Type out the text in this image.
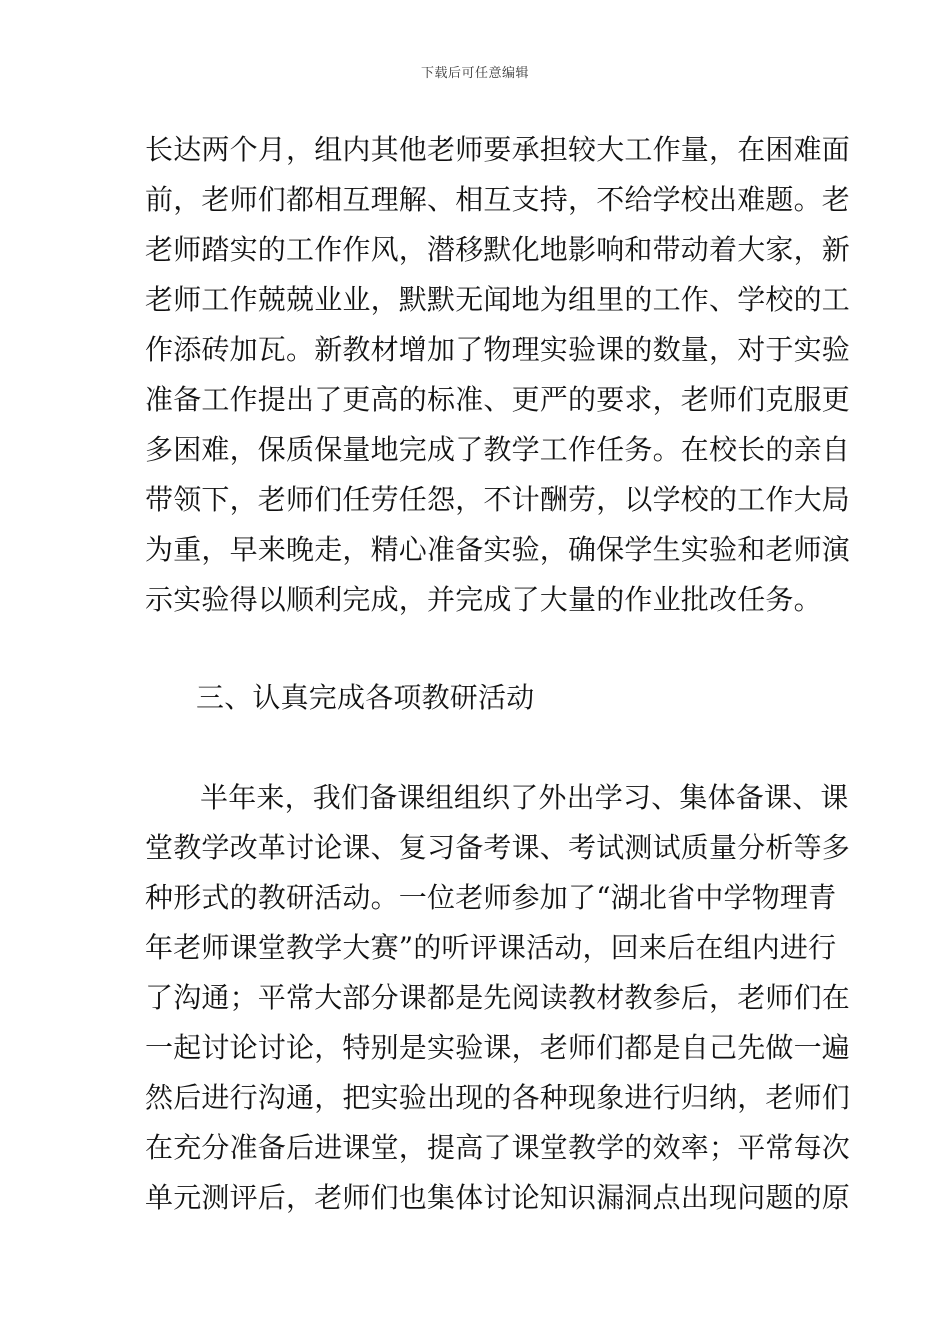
下载后可任意编辑
长达两个月，组内其他老师要承担较大工作量，在困难面
前，老师们都相互理解、相互支持，不给学校出难题。老
老师踏实的工作作风，潜移默化地影响和带动着大家，新
老师工作兢兢业业，默默无闻地为组里的工作、学校的工
作添砖加瓦。新教材增加了物理实验课的数量，对于实验
准备工作提出了更高的标准、更严的要求，老师们克服更
多困难，保质保量地完成了教学工作任务。在校长的亲自
带领下，老师们任劳任怨，不计酬劳，以学校的工作大局
为重，早来晚走，精心准备实验，确保学生实验和老师演
示实验得以顺利完成，并完成了大量的作业批改任务。
三、认真完成各项教研活动
半年来，我们备课组组织了外出学习、集体备课、课
堂教学改革讨论课、复习备考课、考试测试质量分析等多
种形式的教研活动。一位老师参加了“湖北省中学物理青
年老师课堂教学大赛”的听评课活动，回来后在组内进行
了沟通；平常大部分课都是先阅读教材教参后，老师们在
一起讨论讨论，特别是实验课，老师们都是自己先做一遍
然后进行沟通，把实验出现的各种现象进行归纳，老师们
在充分准备后进课堂，提高了课堂教学的效率；平常每次
单元测评后，老师们也集体讨论知识漏洞点出现问题的原
